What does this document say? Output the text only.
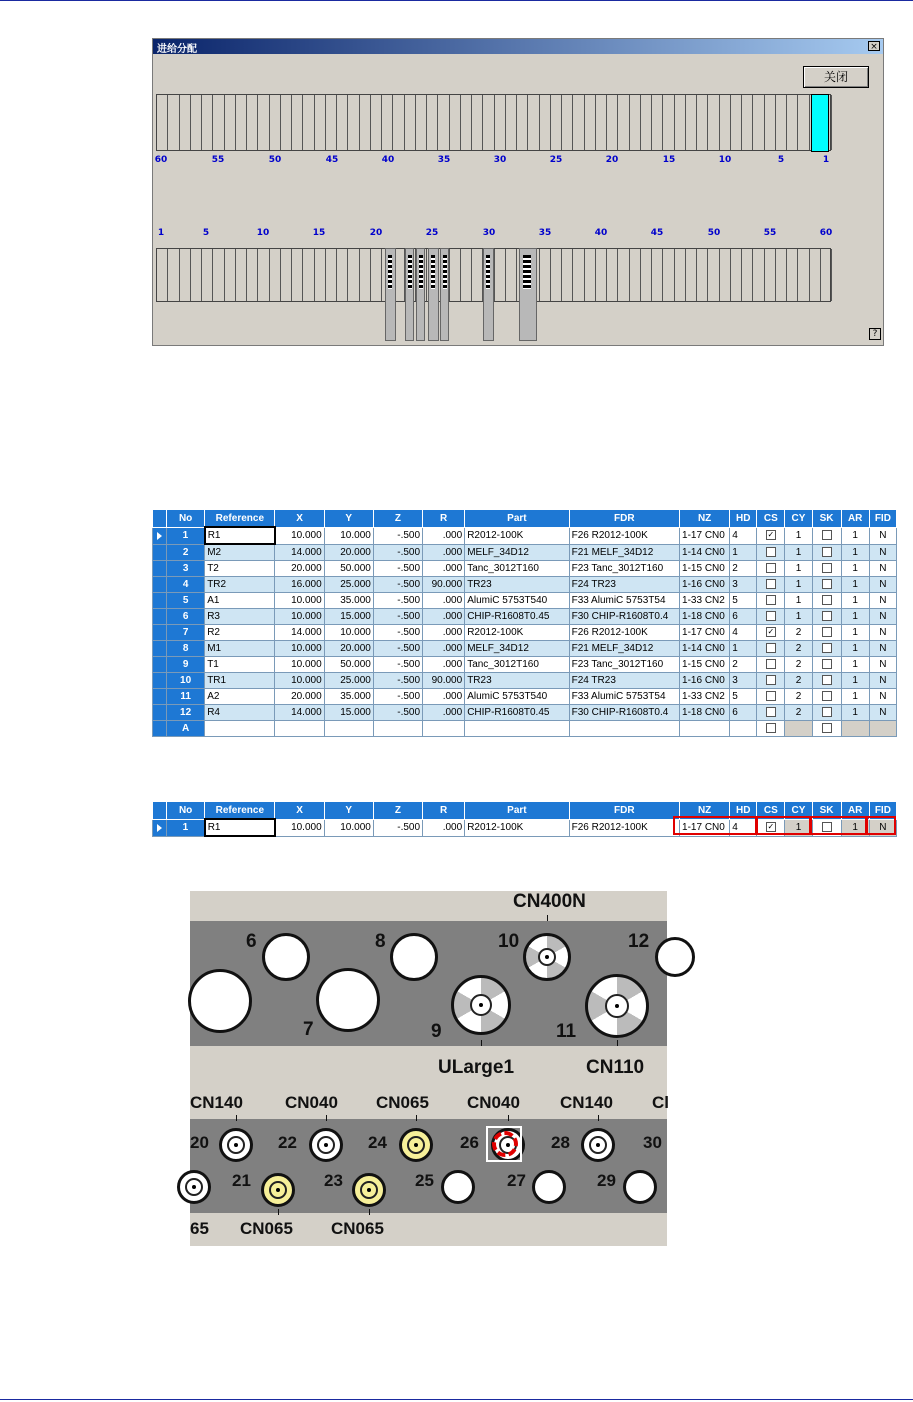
进给分配	×
关闭
?
60	55	50	45	40	35	30	25	20	15	10	5	1
1	5	10	15	20	25	30	35	40	45	50	55	60
	No	Reference	X	Y	Z	R	Part	FDR	NZ	HD	CS	CY	SK	AR	FID

	1	R1	10.000	10.000	-.500	.000	R2012-100K	F26 R2012-100K	1-17 CN0	4	✓	1		1	N
	2	M2	14.000	20.000	-.500	.000	MELF_34D12	F21 MELF_34D12	1-14 CN0	1		1		1	N
	3	T2	20.000	50.000	-.500	.000	Tanc_3012T160	F23 Tanc_3012T160	1-15 CN0	2		1		1	N
	4	TR2	16.000	25.000	-.500	90.000	TR23	F24 TR23	1-16 CN0	3		1		1	N
	5	A1	10.000	35.000	-.500	.000	AlumiC 5753T540	F33 AlumiC 5753T54	1-33 CN2	5		1		1	N
	6	R3	10.000	15.000	-.500	.000	CHIP-R1608T0.45	F30 CHIP-R1608T0.4	1-18 CN0	6		1		1	N
	7	R2	14.000	10.000	-.500	.000	R2012-100K	F26 R2012-100K	1-17 CN0	4	✓	2		1	N
	8	M1	10.000	20.000	-.500	.000	MELF_34D12	F21 MELF_34D12	1-14 CN0	1		2		1	N
	9	T1	10.000	50.000	-.500	.000	Tanc_3012T160	F23 Tanc_3012T160	1-15 CN0	2		2		1	N
	10	TR1	10.000	25.000	-.500	90.000	TR23	F24 TR23	1-16 CN0	3		2		1	N
	11	A2	20.000	35.000	-.500	.000	AlumiC 5753T540	F33 AlumiC 5753T54	1-33 CN2	5		2		1	N
	12	R4	14.000	15.000	-.500	.000	CHIP-R1608T0.45	F30 CHIP-R1608T0.4	1-18 CN0	6		2		1	N
	A														
	No	Reference	X	Y	Z	R	Part	FDR	NZ	HD	CS	CY	SK	AR	FID

	1	R1	10.000	10.000	-.500	.000	R2012-100K	F26 R2012-100K	1-17 CN0	4	✓	1		1	N
CN400N
6	8	10	12
7	9	11
ULarge1	CN110
CN140 CN040 CN065 CN040 CN140 Cl
20	22	24	26	28	30
21	23	25	27	29
65 CN065 CN065
